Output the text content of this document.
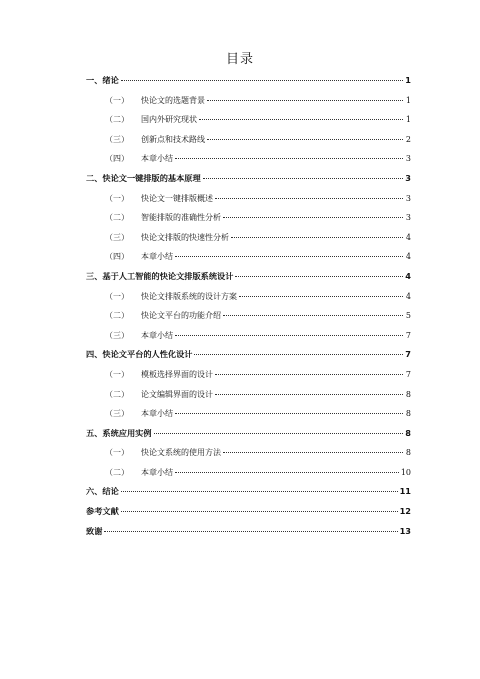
目录
一、 绪论	1
（一）	快论文的选题背景	1
（二）	国内外研究现状	1
（三）	创新点和技术路线	2
（四）	本章小结	3
二、 快论文一键排版的基本原理	3
（一）	快论文一键排版概述	3
（二）	智能排版的准确性分析	3
（三）	快论文排版的快速性分析	4
（四）	本章小结	4
三、 基于人工智能的快论文排版系统设计	4
（一）	快论文排版系统的设计方案	4
（二）	快论文平台的功能介绍	5
（三）	本章小结	7
四、 快论文平台的人性化设计	7
（一）	模板选择界面的设计	7
（二）	论文编辑界面的设计	8
（三）	本章小结	8
五、 系统应用实例	8
（一）	快论文系统的使用方法	8
（二）	本章小结	10
六、 结论	11
参考文献	12
致谢	13
